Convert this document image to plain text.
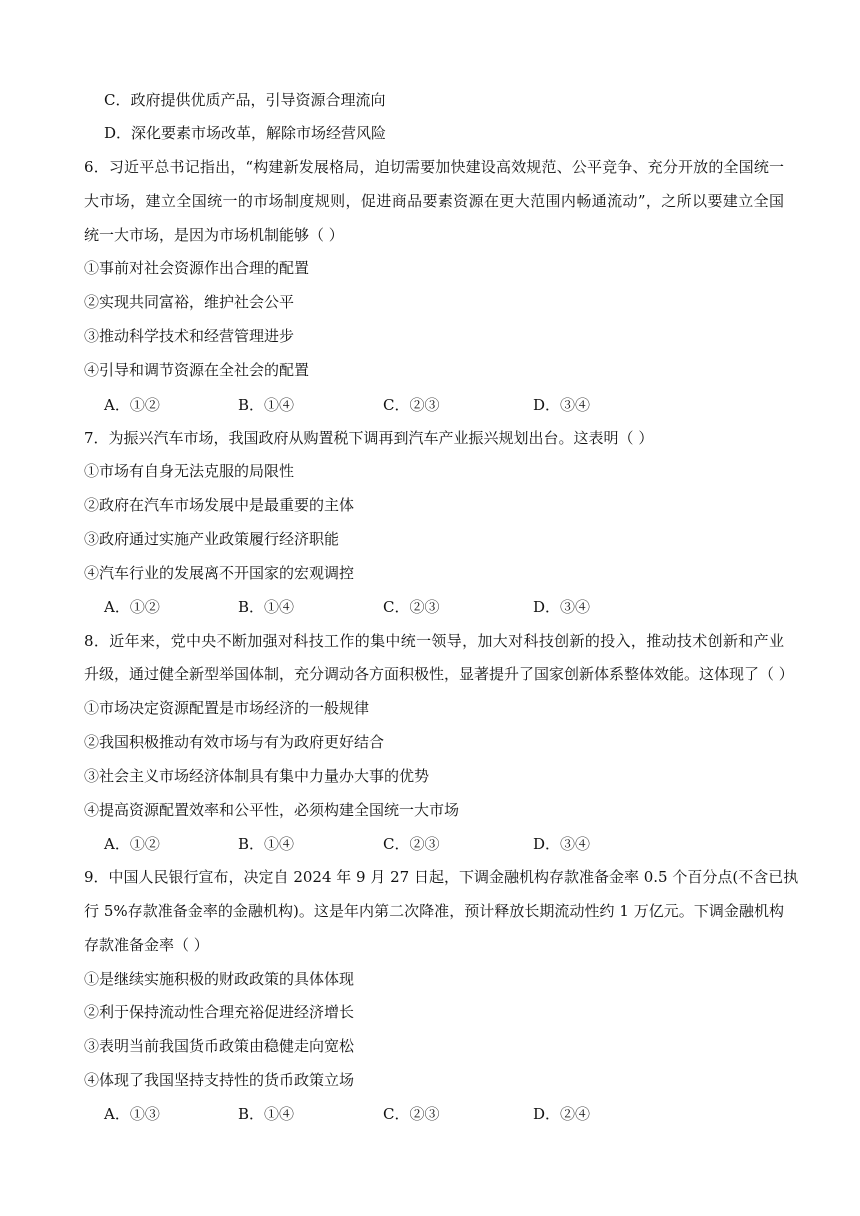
C．政府提供优质产品，引导资源合理流向
D．深化要素市场改革，解除市场经营风险
6．习近平总书记指出，“构建新发展格局，迫切需要加快建设高效规范、公平竞争、充分开放的全国统一
大市场，建立全国统一的市场制度规则，促进商品要素资源在更大范围内畅通流动”，之所以要建立全国
统一大市场，是因为市场机制能够（ ）
①事前对社会资源作出合理的配置
②实现共同富裕，维护社会公平
③推动科学技术和经营管理进步
④引导和调节资源在全社会的配置
A．①②	B．①④	C．②③	D．③④
7．为振兴汽车市场，我国政府从购置税下调再到汽车产业振兴规划出台。这表明（ ）
①市场有自身无法克服的局限性
②政府在汽车市场发展中是最重要的主体
③政府通过实施产业政策履行经济职能
④汽车行业的发展离不开国家的宏观调控
A．①②	B．①④	C．②③	D．③④
8．近年来，党中央不断加强对科技工作的集中统一领导，加大对科技创新的投入，推动技术创新和产业
升级，通过健全新型举国体制，充分调动各方面积极性，显著提升了国家创新体系整体效能。这体现了（ ）
①市场决定资源配置是市场经济的一般规律
②我国积极推动有效市场与有为政府更好结合
③社会主义市场经济体制具有集中力量办大事的优势
④提高资源配置效率和公平性，必须构建全国统一大市场
A．①②	B．①④	C．②③	D．③④
9．中国人民银行宣布，决定自 2024 年 9 月 27 日起，下调金融机构存款准备金率 0.5 个百分点(不含已执
行 5%存款准备金率的金融机构)。这是年内第二次降准，预计释放长期流动性约 1 万亿元。下调金融机构
存款准备金率（ ）
①是继续实施积极的财政政策的具体体现
②利于保持流动性合理充裕促进经济增长
③表明当前我国货币政策由稳健走向宽松
④体现了我国坚持支持性的货币政策立场
A．①③	B．①④	C．②③	D．②④
